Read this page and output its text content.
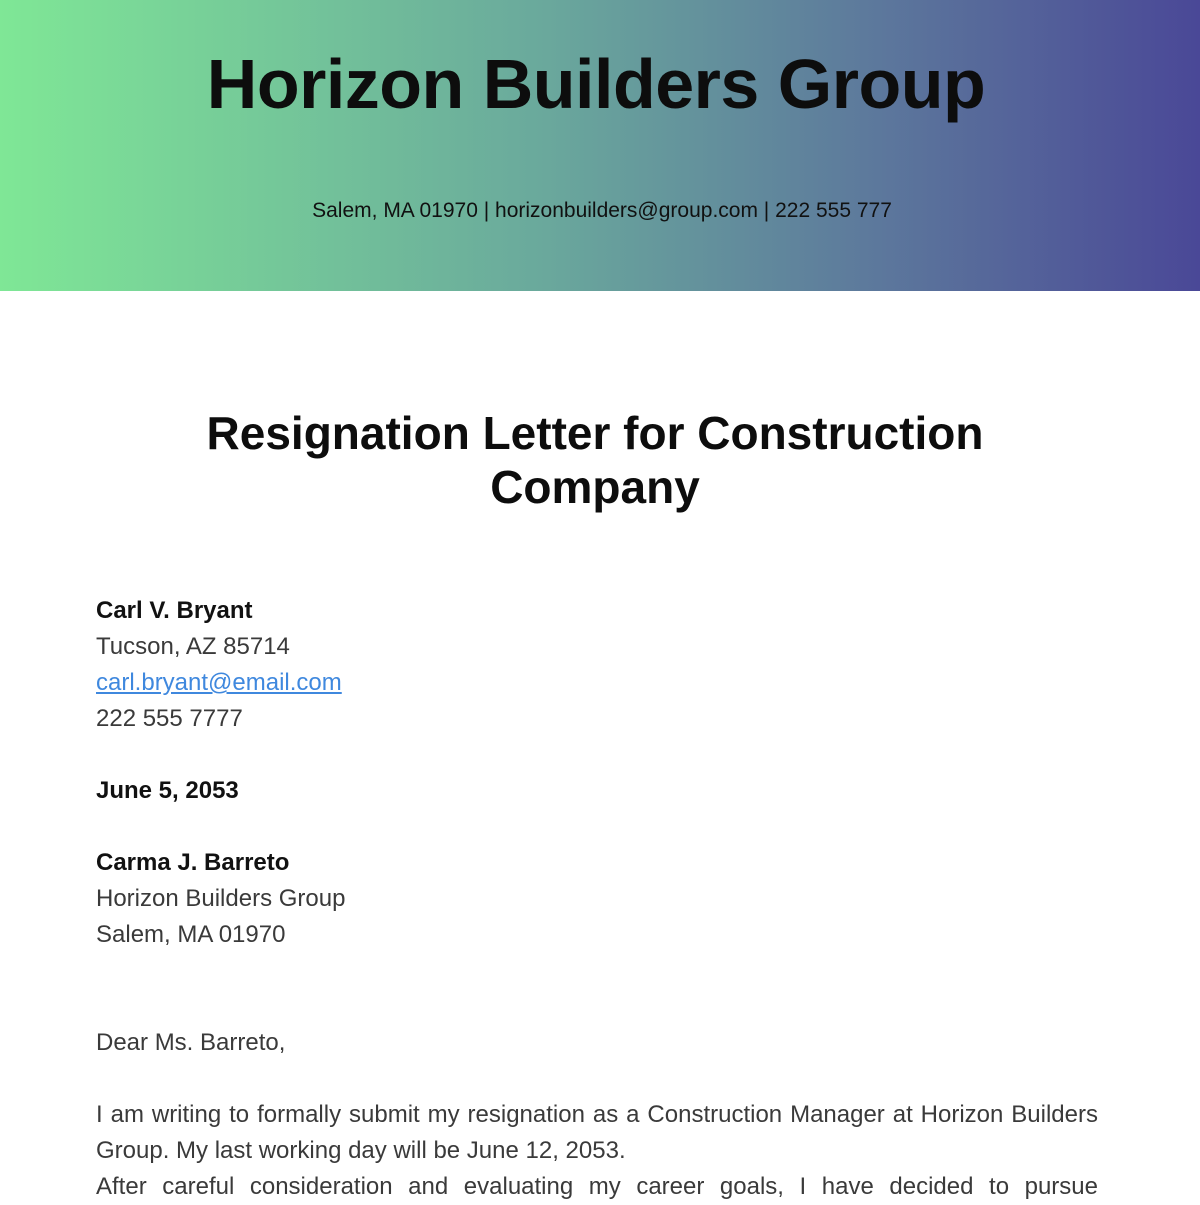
Horizon Builders Group
Salem, MA 01970 | horizonbuilders@group.com | 222 555 777
Resignation Letter for Construction Company
Carl V. Bryant
Tucson, AZ 85714
carl.bryant@email.com
222 555 7777
June 5, 2053
Carma J. Barreto
Horizon Builders Group
Salem, MA 01970
Dear Ms. Barreto,
I am writing to formally submit my resignation as a Construction Manager at Horizon Builders Group. My last working day will be June 12, 2053.
After careful consideration and evaluating my career goals, I have decided to pursue
